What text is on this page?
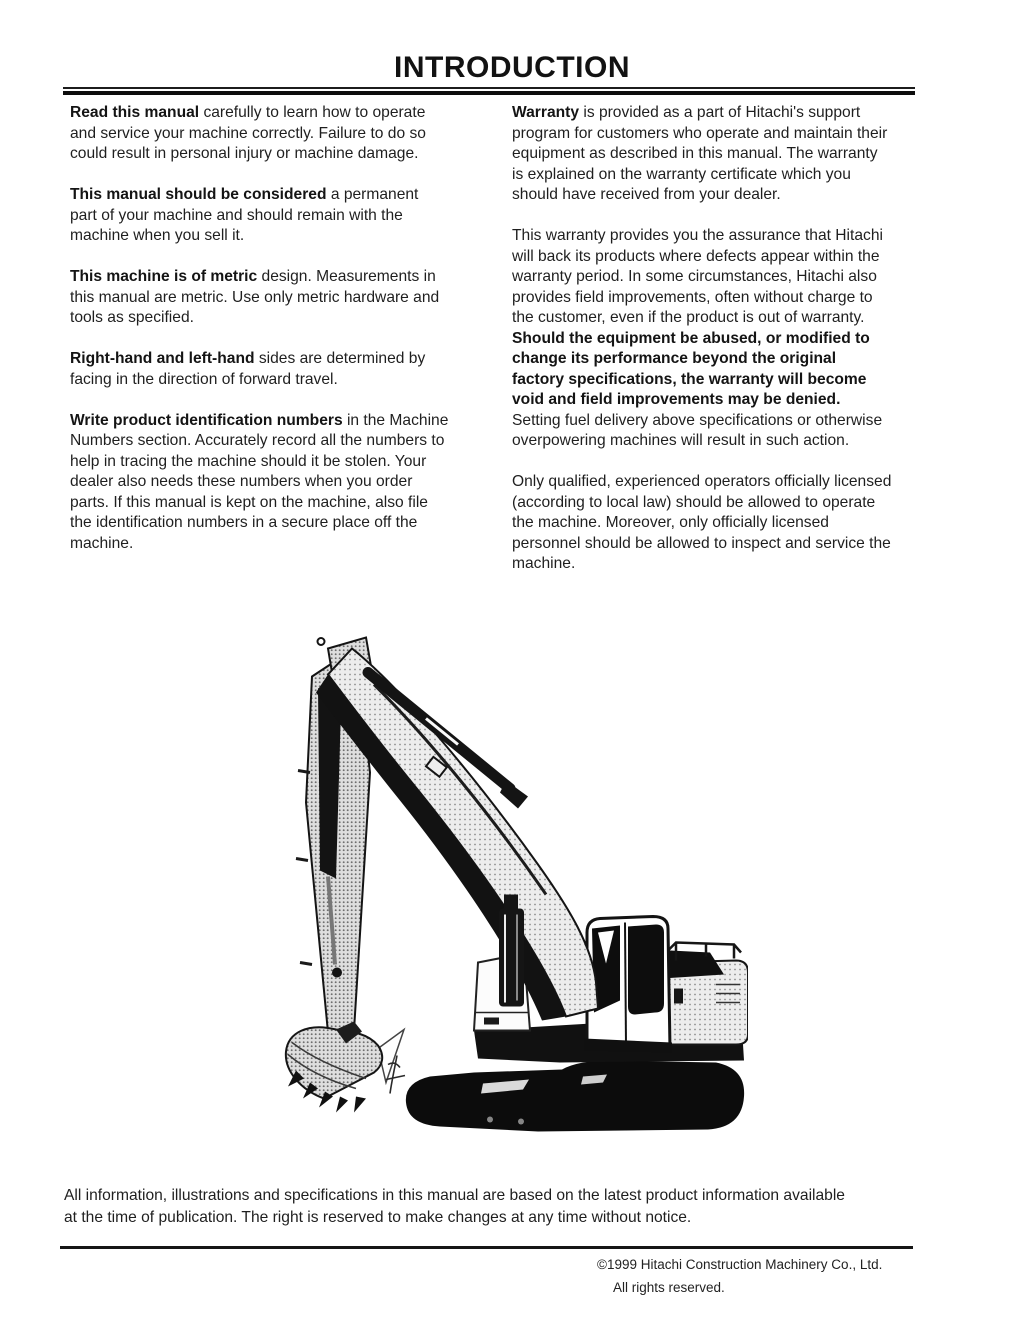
INTRODUCTION

Read this manual carefully to learn how to operate
and service your machine correctly. Failure to do so
could result in personal injury or machine damage.

This manual should be considered a permanent
part of your machine and should remain with the
machine when you sell it.

This machine is of metric design. Measurements in
this manual are metric. Use only metric hardware and
tools as specified.

Right-hand and left-hand sides are determined by
facing in the direction of forward travel.

Write product identification numbers in the Machine
Numbers section. Accurately record all the numbers to
help in tracing the machine should it be stolen. Your
dealer also needs these numbers when you order
parts. If this manual is kept on the machine, also file
the identification numbers in a secure place off the
machine.

Warranty is provided as a part of Hitachi's support
program for customers who operate and maintain their
equipment as described in this manual. The warranty
is explained on the warranty certificate which you
should have received from your dealer.

This warranty provides you the assurance that Hitachi
will back its products where defects appear within the
warranty period. In some circumstances, Hitachi also
provides field improvements, often without charge to
the customer, even if the product is out of warranty.
Should the equipment be abused, or modified to
change its performance beyond the original
factory specifications, the warranty will become
void and field improvements may be denied.
Setting fuel delivery above specifications or otherwise
overpowering machines will result in such action.

Only qualified, experienced operators officially licensed
(according to local law) should be allowed to operate
the machine. Moreover, only officially licensed
personnel should be allowed to inspect and service the
machine.

All information, illustrations and specifications in this manual are based on the latest product information available
at the time of publication. The right is reserved to make changes at any time without notice.

©1999 Hitachi Construction Machinery Co., Ltd.
All rights reserved.
